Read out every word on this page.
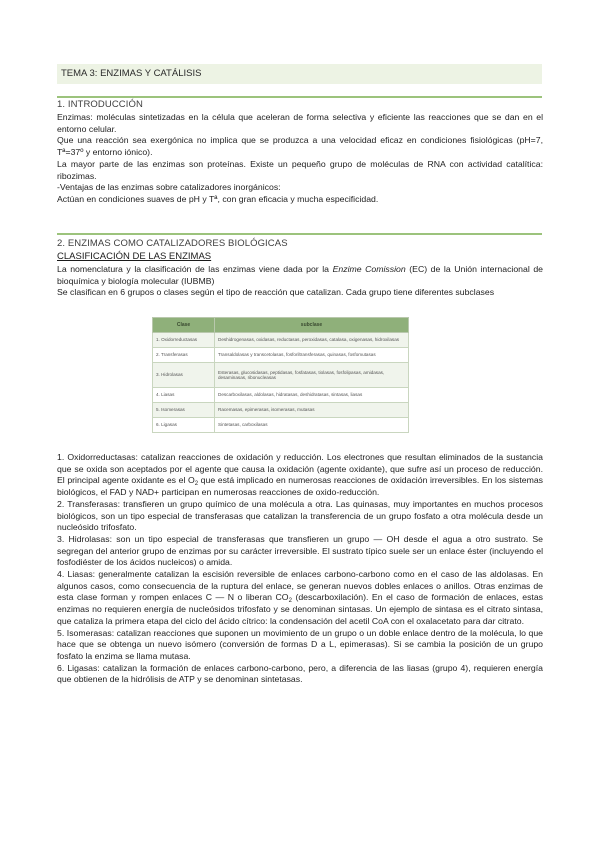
TEMA 3: ENZIMAS Y CATÁLISIS
1. INTRODUCCIÓN

Enzimas: moléculas sintetizadas en la célula que aceleran de forma selectiva y eficiente las reacciones que se dan en el entorno celular.

Que una reacción sea exergónica no implica que se produzca a una velocidad eficaz en condiciones fisiológicas (pH=7, Tª=37º y entorno iónico).

La mayor parte de las enzimas son proteínas. Existe un pequeño grupo de moléculas de RNA con actividad catalítica: ribozimas.

-Ventajas de las enzimas sobre catalizadores inorgánicos:

Actúan en condiciones suaves de pH y Tª, con gran eficacia y mucha especificidad.

2. ENZIMAS COMO CATALIZADORES BIOLÓGICAS
CLASIFICACIÓN DE LAS ENZIMAS

La nomenclatura y la clasificación de las enzimas viene dada por la Enzime Comission (EC) de la Unión internacional de bioquímica y biología molecular (IUBMB)

Se clasifican en 6 grupos o clases según el tipo de reacción que catalizan. Cada grupo tiene diferentes subclases

Clase	subclase
1. Oxidorreductasas	Deshidrogenasas, oxidasas, reductasas, peroxidasas, catalasa, oxigenasas, hidroxilasas
2. Transferasas	Transaldolasas y transcetolasas, fosforiltransferasas, quinasas, fosfomutasas
3. Hidrolasas	Esterasas, glucosidasas, peptidasas, fosfatasas, tiolasas, fosfolipasas, amidasas, desaminasas, ribonucleasas
4. Liasas	Descarboxilasas, aldolasas, hidratasas, deshidratasas, sintasas, liasas
5. Isomerasas	Racemasas, epimerasas, isomerasas, mutasas
6. Ligasas	Sintetasas, carboxilasas

1. Oxidorreductasas: catalizan reacciones de oxidación y reducción. Los electrones que resultan eliminados de la sustancia que se oxida son aceptados por el agente que causa la oxidación (agente oxidante), que sufre así un proceso de reducción. El principal agente oxidante es el $O_2$ que está implicado en numerosas reacciones de oxidación irreversibles. En los sistemas biológicos, el FAD y NAD+ participan en numerosas reacciones de oxido-reducción.

2. Transferasas: transfieren un grupo químico de una molécula a otra. Las quinasas, muy importantes en muchos procesos biológicos, son un tipo especial de transferasas que catalizan la transferencia de un grupo fosfato a otra molécula desde un nucleósido trifosfato.

3. Hidrolasas: son un tipo especial de transferasas que transfieren un grupo — OH desde el agua a otro sustrato. Se segregan del anterior grupo de enzimas por su carácter irreversible. El sustrato típico suele ser un enlace éster (incluyendo el fosfodiéster de los ácidos nucleicos) o amida.

4. Liasas: generalmente catalizan la escisión reversible de enlaces carbono-carbono como en el caso de las aldolasas. En algunos casos, como consecuencia de la ruptura del enlace, se generan nuevos dobles enlaces o anillos. Otras enzimas de esta clase forman y rompen enlaces C — N o liberan $CO_2$ (descarboxilación). En el caso de formación de enlaces, estas enzimas no requieren energía de nucleósidos trifosfato y se denominan sintasas. Un ejemplo de sintasa es el citrato sintasa, que cataliza la primera etapa del ciclo del ácido cítrico: la condensación del acetil CoA con el oxalacetato para dar citrato.

5. Isomerasas: catalizan reacciones que suponen un movimiento de un grupo o un doble enlace dentro de la molécula, lo que hace que se obtenga un nuevo isómero (conversión de formas D a L, epimerasas). Si se cambia la posición de un grupo fosfato la enzima se llama mutasa.

6. Ligasas: catalizan la formación de enlaces carbono-carbono, pero, a diferencia de las liasas (grupo 4), requieren energía que obtienen de la hidrólisis de ATP y se denominan sintetasas.
